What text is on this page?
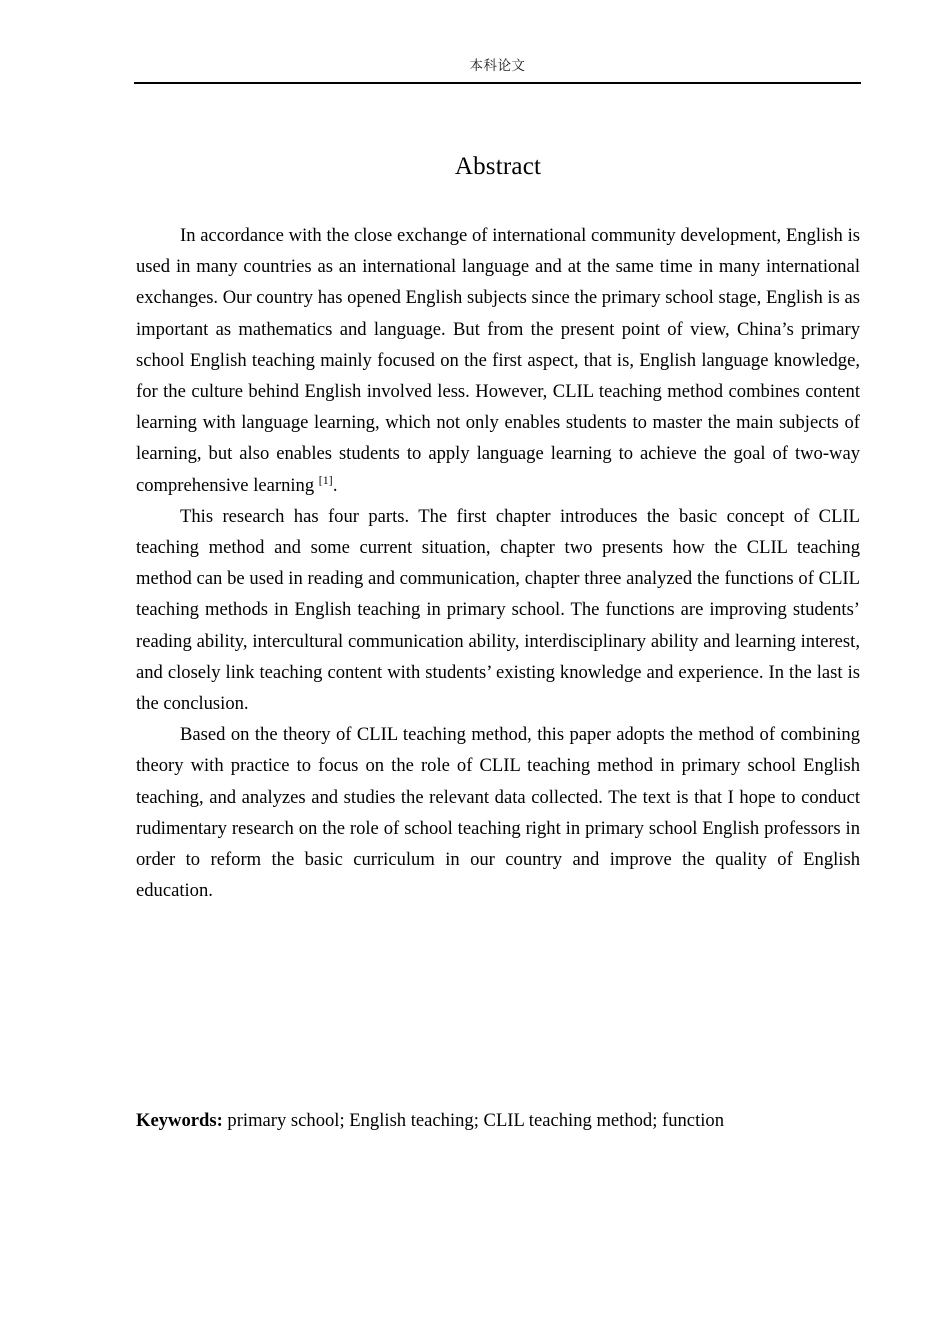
本科论文
Abstract

In accordance with the close exchange of international community development, English is used in many countries as an international language and at the same time in many international exchanges. Our country has opened English subjects since the primary school stage, English is as important as mathematics and language. But from the present point of view, China’s primary school English teaching mainly focused on the first aspect, that is, English language knowledge, for the culture behind English involved less. However, CLIL teaching method combines content learning with language learning, which not only enables students to master the main subjects of learning, but also enables students to apply language learning to achieve the goal of two-way comprehensive learning [1].

This research has four parts. The first chapter introduces the basic concept of CLIL teaching method and some current situation, chapter two presents how the CLIL teaching method can be used in reading and communication, chapter three analyzed the functions of CLIL teaching methods in English teaching in primary school. The functions are improving students’ reading ability, intercultural communication ability, interdisciplinary ability and learning interest, and closely link teaching content with students’ existing knowledge and experience. In the last is the conclusion.

Based on the theory of CLIL teaching method, this paper adopts the method of combining theory with practice to focus on the role of CLIL teaching method in primary school English teaching, and analyzes and studies the relevant data collected. The text is that I hope to conduct rudimentary research on the role of school teaching right in primary school English professors in order to reform the basic curriculum in our country and improve the quality of English education.

Keywords: primary school; English teaching; CLIL teaching method; function
